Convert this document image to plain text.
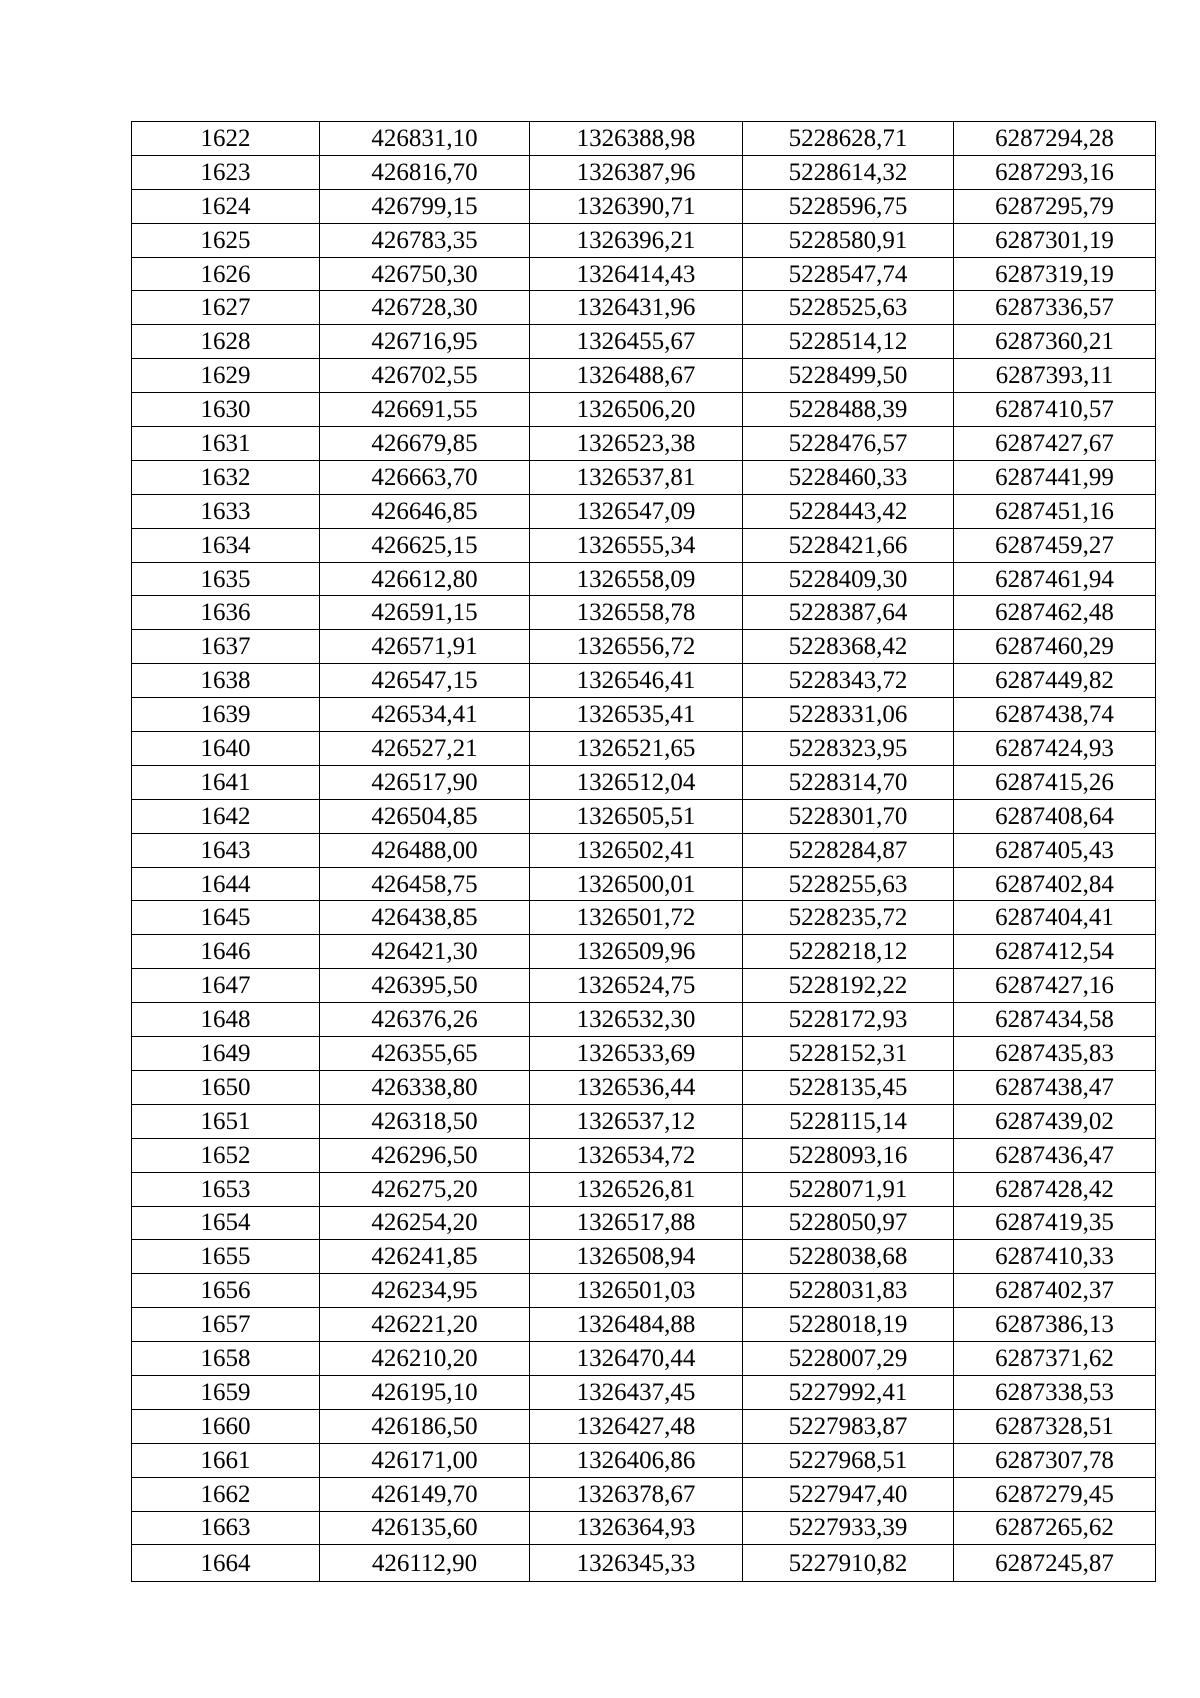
1622	426831,10	1326388,98	5228628,71	6287294,28
1623	426816,70	1326387,96	5228614,32	6287293,16
1624	426799,15	1326390,71	5228596,75	6287295,79
1625	426783,35	1326396,21	5228580,91	6287301,19
1626	426750,30	1326414,43	5228547,74	6287319,19
1627	426728,30	1326431,96	5228525,63	6287336,57
1628	426716,95	1326455,67	5228514,12	6287360,21
1629	426702,55	1326488,67	5228499,50	6287393,11
1630	426691,55	1326506,20	5228488,39	6287410,57
1631	426679,85	1326523,38	5228476,57	6287427,67
1632	426663,70	1326537,81	5228460,33	6287441,99
1633	426646,85	1326547,09	5228443,42	6287451,16
1634	426625,15	1326555,34	5228421,66	6287459,27
1635	426612,80	1326558,09	5228409,30	6287461,94
1636	426591,15	1326558,78	5228387,64	6287462,48
1637	426571,91	1326556,72	5228368,42	6287460,29
1638	426547,15	1326546,41	5228343,72	6287449,82
1639	426534,41	1326535,41	5228331,06	6287438,74
1640	426527,21	1326521,65	5228323,95	6287424,93
1641	426517,90	1326512,04	5228314,70	6287415,26
1642	426504,85	1326505,51	5228301,70	6287408,64
1643	426488,00	1326502,41	5228284,87	6287405,43
1644	426458,75	1326500,01	5228255,63	6287402,84
1645	426438,85	1326501,72	5228235,72	6287404,41
1646	426421,30	1326509,96	5228218,12	6287412,54
1647	426395,50	1326524,75	5228192,22	6287427,16
1648	426376,26	1326532,30	5228172,93	6287434,58
1649	426355,65	1326533,69	5228152,31	6287435,83
1650	426338,80	1326536,44	5228135,45	6287438,47
1651	426318,50	1326537,12	5228115,14	6287439,02
1652	426296,50	1326534,72	5228093,16	6287436,47
1653	426275,20	1326526,81	5228071,91	6287428,42
1654	426254,20	1326517,88	5228050,97	6287419,35
1655	426241,85	1326508,94	5228038,68	6287410,33
1656	426234,95	1326501,03	5228031,83	6287402,37
1657	426221,20	1326484,88	5228018,19	6287386,13
1658	426210,20	1326470,44	5228007,29	6287371,62
1659	426195,10	1326437,45	5227992,41	6287338,53
1660	426186,50	1326427,48	5227983,87	6287328,51
1661	426171,00	1326406,86	5227968,51	6287307,78
1662	426149,70	1326378,67	5227947,40	6287279,45
1663	426135,60	1326364,93	5227933,39	6287265,62
1664	426112,90	1326345,33	5227910,82	6287245,87
